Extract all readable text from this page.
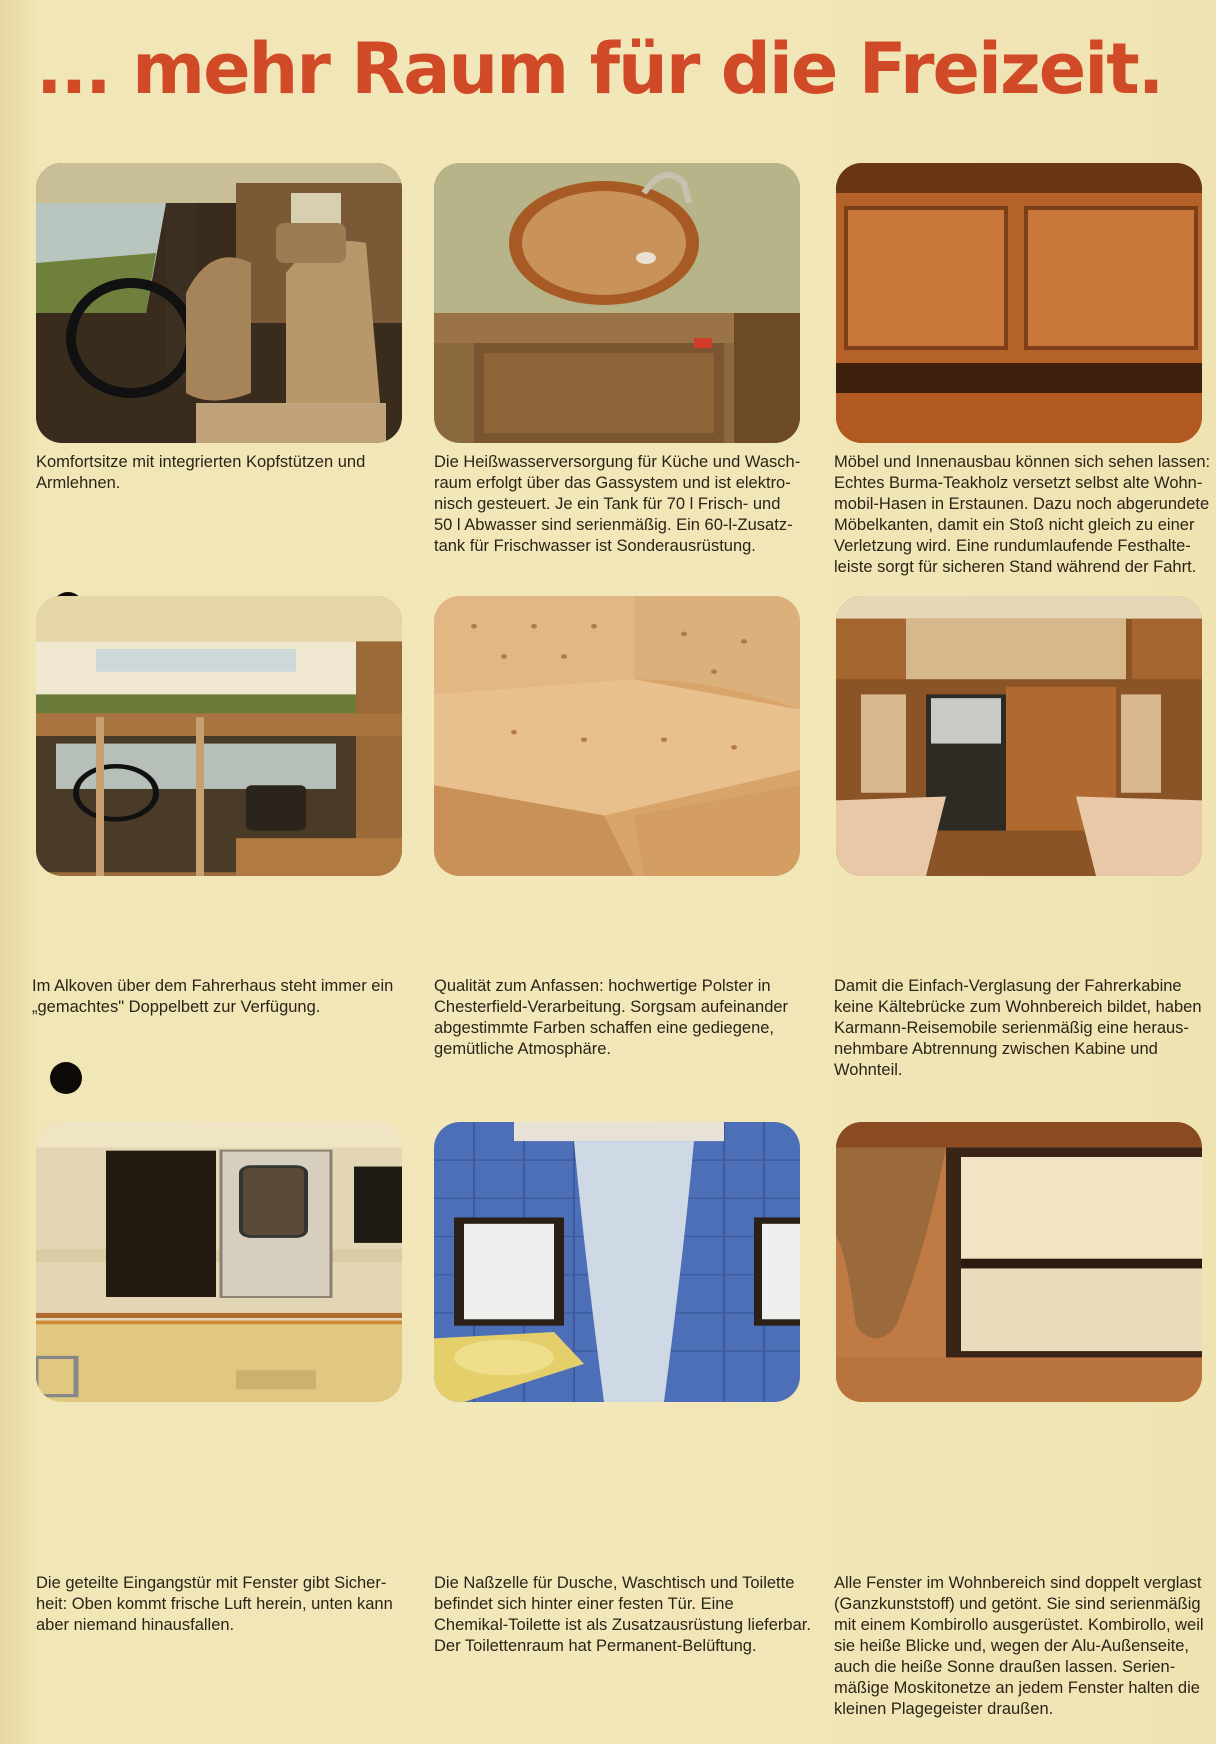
... mehr Raum für die Freizeit.

Komfortsitze mit integrierten Kopfstützen und
Armlehnen.

Die Heißwasserversorgung für Küche und Wasch-
raum erfolgt über das Gassystem und ist elektro-
nisch gesteuert. Je ein Tank für 70 l Frisch- und
50 l Abwasser sind serienmäßig. Ein 60-l-Zusatz-
tank für Frischwasser ist Sonderausrüstung.

Möbel und Innenausbau können sich sehen lassen:
Echtes Burma-Teakholz versetzt selbst alte Wohn-
mobil-Hasen in Erstaunen. Dazu noch abgerundete
Möbelkanten, damit ein Stoß nicht gleich zu einer
Verletzung wird. Eine rundumlaufende Festhalte-
leiste sorgt für sicheren Stand während der Fahrt.

Im Alkoven über dem Fahrerhaus steht immer ein
„gemachtes" Doppelbett zur Verfügung.

Qualität zum Anfassen: hochwertige Polster in
Chesterfield-Verarbeitung. Sorgsam aufeinander
abgestimmte Farben schaffen eine gediegene,
gemütliche Atmosphäre.

Damit die Einfach-Verglasung der Fahrerkabine
keine Kältebrücke zum Wohnbereich bildet, haben
Karmann-Reisemobile serienmäßig eine heraus-
nehmbare Abtrennung zwischen Kabine und
Wohnteil.

Die geteilte Eingangstür mit Fenster gibt Sicher-
heit: Oben kommt frische Luft herein, unten kann
aber niemand hinausfallen.

Die Naßzelle für Dusche, Waschtisch und Toilette
befindet sich hinter einer festen Tür. Eine
Chemikal-Toilette ist als Zusatzausrüstung lieferbar.
Der Toilettenraum hat Permanent-Belüftung.

Alle Fenster im Wohnbereich sind doppelt verglast
(Ganzkunststoff) und getönt. Sie sind serienmäßig
mit einem Kombirollo ausgerüstet. Kombirollo, weil
sie heiße Blicke und, wegen der Alu-Außenseite,
auch die heiße Sonne draußen lassen. Serien-
mäßige Moskitonetze an jedem Fenster halten die
kleinen Plagegeister draußen.
